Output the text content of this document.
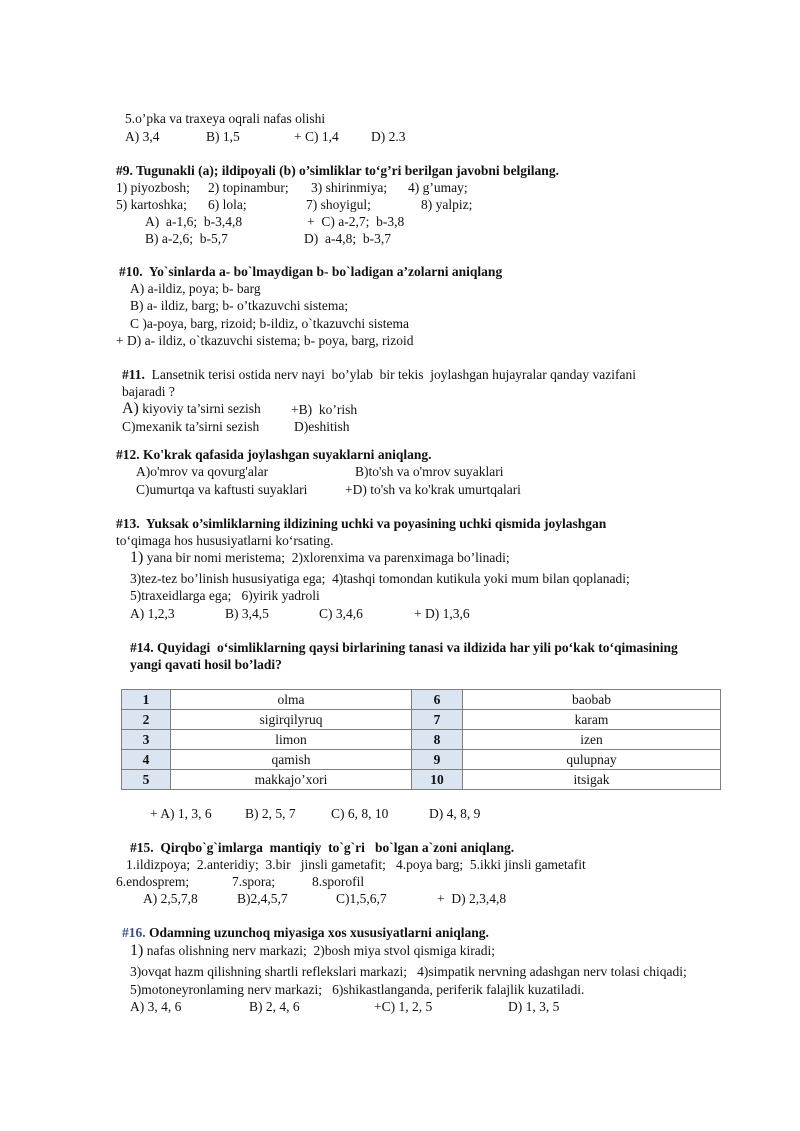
5.o’pka va traxeya oqrali nafas olishi
A) 3,4	B) 1,5	+ C) 1,4 D) 2.3
#9. Tugunakli (a); ildipoyali (b) o’simliklar to‘g’ri berilgan javobni belgilang.
1) piyozbosh; 2) topinambur; 3) shirinmiya; 4) g’umay;
5) kartoshka; 6) lola;	7) shoyigul;	8) yalpiz;
A)  a-1,6;  b-3,4,8	+  C) a-2,7;  b-3,8
B) a-2,6;  b-5,7	D)  a-4,8;  b-3,7
#10.  Yo`sinlarda a- bo`lmaydigan b- bo`ladigan a’zolarni aniqlang
A) a-ildiz, poya; b- barg
B) a- ildiz, barg; b- o’tkazuvchi sistema;
C )a-poya, barg, rizoid; b-ildiz, o`tkazuvchi sistema
+ D) a- ildiz, o`tkazuvchi sistema; b- poya, barg, rizoid
#11. Lansetnik terisi ostida nerv nayi  bo’ylab  bir tekis  joylashgan hujayralar qanday vazifani
bajaradi ?
A) kiyoviy ta’sirni sezish +B)  ko’rish
C)mexanik ta’sirni sezish	D)eshitish
#12. Ko'krak qafasida joylashgan suyaklarni aniqlang.
A)o'mrov va qovurg'alar	B)to'sh va o'mrov suyaklari
C)umurtqa va kaftusti suyaklari	+D) to'sh va ko'krak umurtqalari
#13.  Yuksak o’simliklarning ildizining uchki va poyasining uchki qismida joylashgan
to‘qimaga hos hususiyatlarni ko‘rsating.
1) yana bir nomi meristema;  2)xlorenxima va parenximaga bo’linadi;
3)tez-tez bo’linish hususiyatiga ega;  4)tashqi tomondan kutikula yoki mum bilan qoplanadi;
5)traxeidlarga ega;   6)yirik yadroli
A) 1,2,3	B) 3,4,5	C) 3,4,6	+ D) 1,3,6
#14. Quyidagi  o‘simliklarning qaysi birlarining tanasi va ildizida har yili po‘kak to‘qimasining
yangi qavati hosil bo’ladi?
1	olma	6	baobab
2	sigirqilyruq	7	karam
3	limon	8	izen
4	qamish	9	qulupnay
5	makkajo’xori	10	itsigak
+ A) 1, 3, 6 B) 2, 5, 7	C) 6, 8, 10	D) 4, 8, 9
#15.  Qirqbo`g`imlarga  mantiqiy  to`g`ri   bo`lgan a`zoni aniqlang.
1.ildizpoya;  2.anteridiy;  3.bir   jinsli gametafit;   4.poya barg;  5.ikki jinsli gametafit
6.endosprem;	7.spora;	8.sporofil
A) 2,5,7,8	B)2,4,5,7	C)1,5,6,7	+  D) 2,3,4,8
#16. Odamning uzunchoq miyasiga xos xususiyatlarni aniqlang.
1) nafas olishning nerv markazi;  2)bosh miya stvol qismiga kiradi;
3)ovqat hazm qilishning shartli reflekslari markazi;   4)simpatik nervning adashgan nerv tolasi chiqadi;
5)motoneyronlaming nerv markazi;   6)shikastlanganda, periferik falajlik kuzatiladi.
A) 3, 4, 6	B) 2, 4, 6	+C) 1, 2, 5	D) 1, 3, 5
